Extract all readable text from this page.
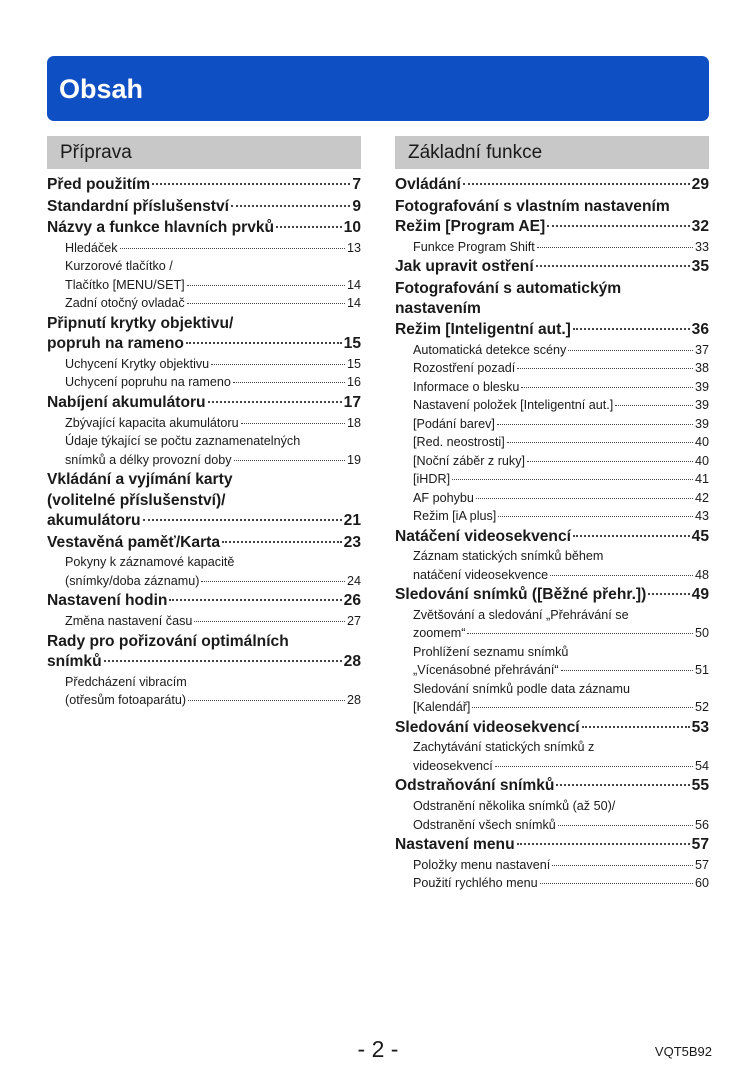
Obsah
Příprava
Před použitím	7
Standardní příslušenství	9
Názvy a funkce hlavních prvků	10
Hledáček	13
Kurzorové tlačítko /
Tlačítko [MENU/SET]	14
Zadní otočný ovladač	14
Připnutí krytky objektivu/
popruh na rameno	15
Uchycení Krytky objektivu	15
Uchycení popruhu na rameno	16
Nabíjení akumulátoru	17
Zbývající kapacita akumulátoru	18
Údaje týkající se počtu zaznamenatelných
snímků a délky provozní doby	19
Vkládání a vyjímání karty
(volitelné příslušenství)/
akumulátoru	21
Vestavěná paměť/Karta	23
Pokyny k záznamové kapacitě
(snímky/doba záznamu)	24
Nastavení hodin	26
Změna nastavení času	27
Rady pro pořizování optimálních
snímků	28
Předcházení vibracím
(otřesům fotoaparátu)	28
Základní funkce
Ovládání	29
Fotografování s vlastním nastavením
Režim [Program AE]	32
Funkce Program Shift	33
Jak upravit ostření	35
Fotografování s automatickým
nastavením
Režim [Inteligentní aut.]	36
Automatická detekce scény	37
Rozostření pozadí	38
Informace o blesku	39
Nastavení položek [Inteligentní aut.]	39
[Podání barev]	39
[Red. neostrosti]	40
[Noční záběr z ruky]	40
[iHDR]	41
AF pohybu	42
Režim [iA plus]	43
Natáčení videosekvencí	45
Záznam statických snímků během
natáčení videosekvence	48
Sledování snímků ([Běžné přehr.])	49
Zvětšování a sledování „Přehrávání se
zoomem“	50
Prohlížení seznamu snímků
„Vícenásobné přehrávání“	51
Sledování snímků podle data záznamu
[Kalendář]	52
Sledování videosekvencí	53
Zachytávání statických snímků z
videosekvencí	54
Odstraňování snímků	55
Odstranění několika snímků (až 50)/
Odstranění všech snímků	56
Nastavení menu	57
Položky menu nastavení	57
Použití rychlého menu	60
- 2 -	VQT5B92
